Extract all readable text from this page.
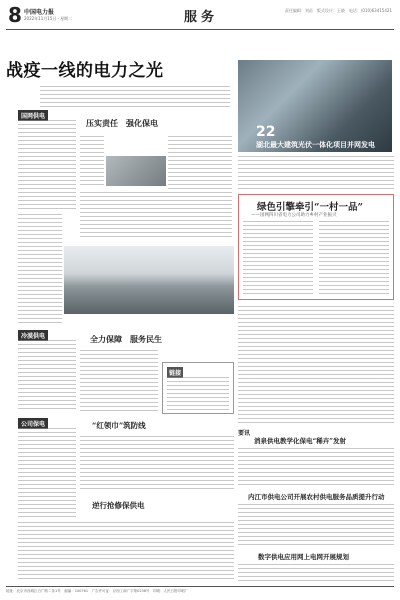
8 中国电力报
2022年11月15日 · 星期二	服务	责任编辑：刘苗　版式设计：王晓　电话：(010)63415421
战疫一线的电力之光
22
湖北最大建筑光伏一体化项目并网发电
国网供电
压实责任　强化保电
绿色引擎牵引“一村一品”
——国网四川省电力公司助力乡村产业振兴
冷漠供电	全力保障　服务民生
链接
公司保电	“红领巾”筑防线
逆行抢修保供电
要讯
消泉供电教学化保电“稀卉”发射
内江市供电公司开展农村供电服务品质提升行动
数字供电应用网上电网开展规划
地址：北京市西城区白广路二条1号　邮编：100761　广告许可证：京西工商广字第0236号　印刷：人民日报印刷厂
